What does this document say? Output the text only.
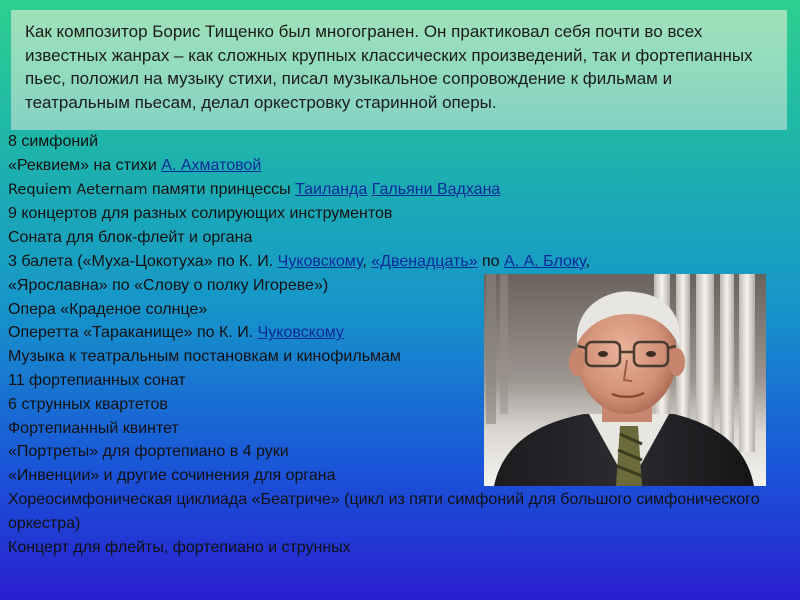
Как композитор Борис Тищенко был многогранен. Он практиковал себя почти во всех известных жанрах – как сложных крупных классических произведений, так и фортепианных пьес, положил на музыку стихи, писал музыкальное сопровождение к фильмам и театральным пьесам, делал оркестровку старинной оперы.
8 симфоний
«Реквием» на стихи А. Ахматовой
Requiem Aeternam памяти принцессы Таиланда Гальяни Вадхана
9 концертов для разных солирующих инструментов
Соната для блок-флейт и органа
3 балета («Муха-Цокотуха» по К. И. Чуковскому, «Двенадцать» по А. А. Блоку,
«Ярославна» по «Слову о полку Игореве»)
Опера «Краденое солнце»
Оперетта «Тараканище» по К. И. Чуковскому
Музыка к театральным постановкам и кинофильмам
11 фортепианных сонат
6 струнных квартетов
Фортепианный квинтет
«Портреты» для фортепиано в 4 руки
«Инвенции» и другие сочинения для органа
Хореосимфоническая циклиада «Беатриче» (цикл из пяти симфоний для большого симфонического оркестра)
Концерт для флейты, фортепиано и струнных
